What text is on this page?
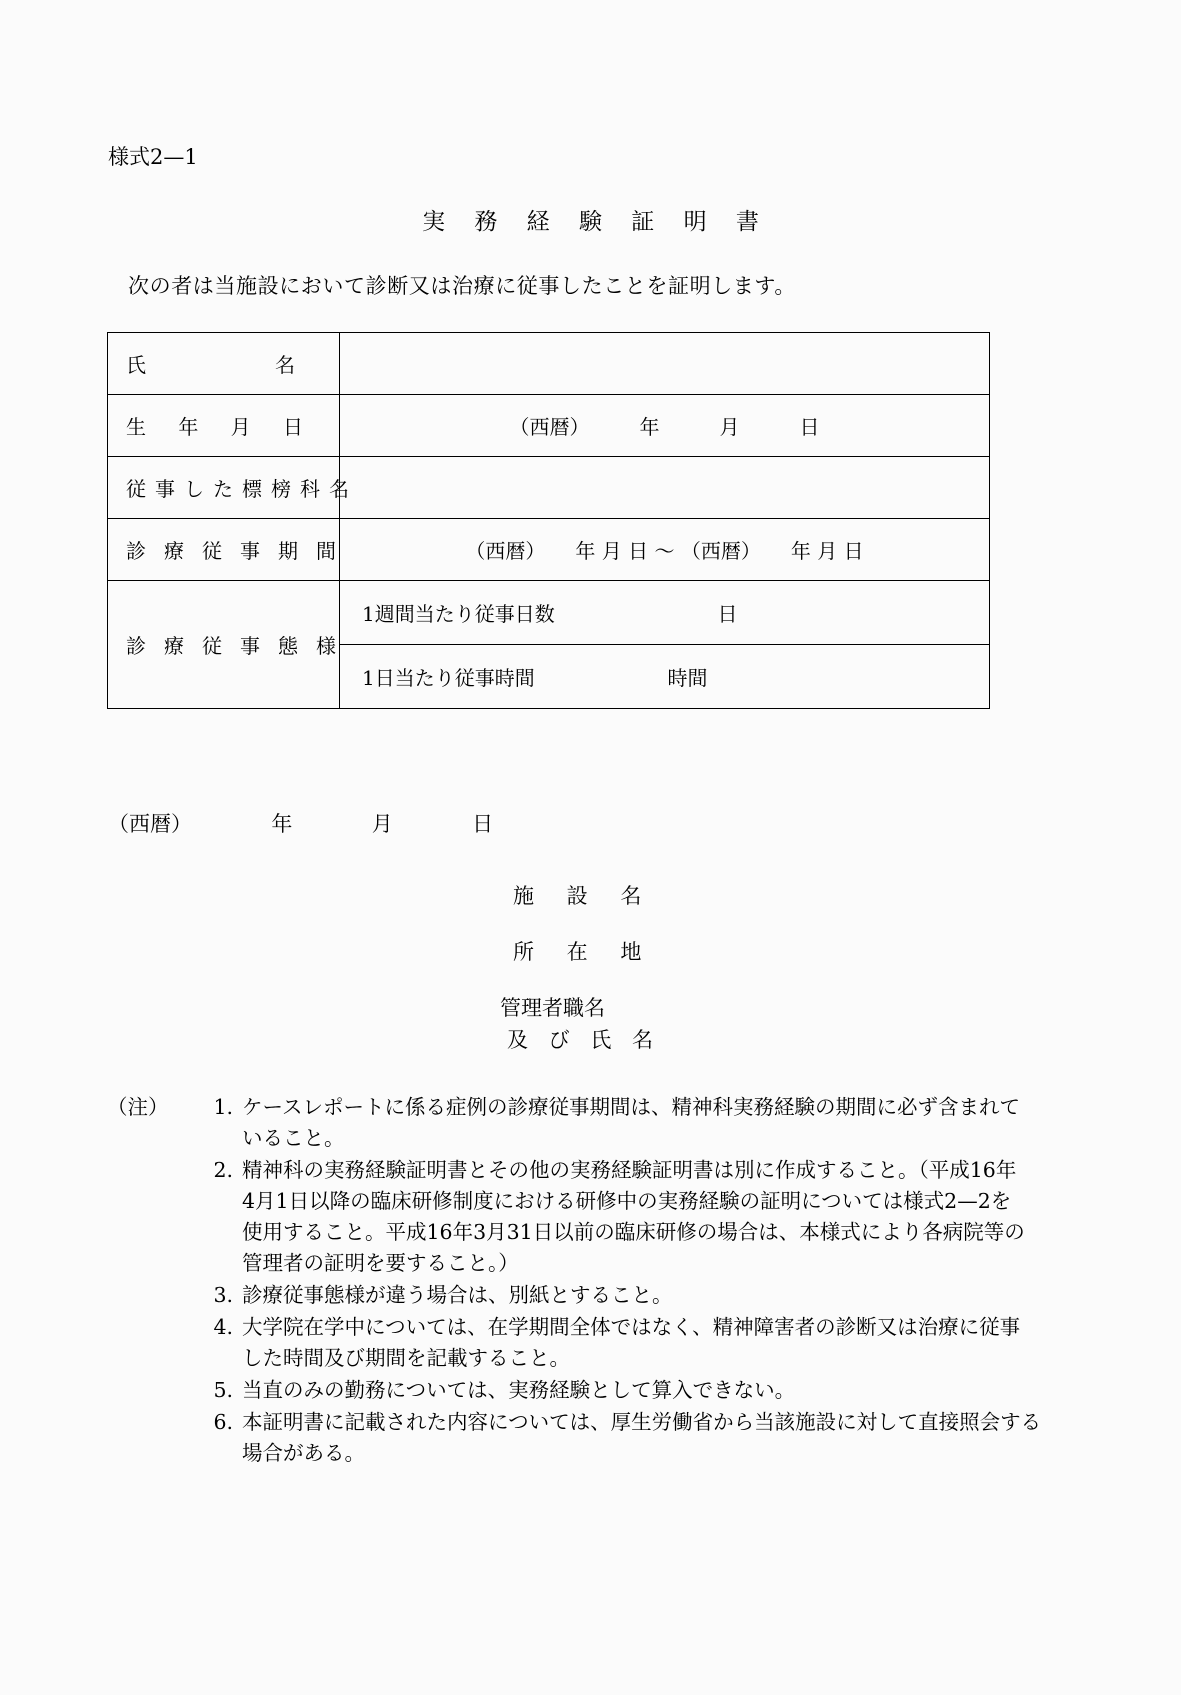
様式2—1
実 務 経 験 証 明 書
次の者は当施設において診断又は治療に従事したことを証明します。
氏名	

生年月日	（西暦）　　　年　　　月　　　日

従事した標榜科名	

診療従事期間	（西暦）　　年 月 日 〜 （西暦）　　年 月 日

診療従事態様	1週間当たり従事日数 日
	1日当たり従事時間 時間
（西暦）	年	月	日
施 設 名
所 在 地
管理者職名
及 び 氏 名
（注）	1. ケースレポートに係る症例の診療従事期間は、精神科実務経験の期間に必ず含まれて
いること。
2. 精神科の実務経験証明書とその他の実務経験証明書は別に作成すること。（平成16年
4月1日以降の臨床研修制度における研修中の実務経験の証明については様式2—2を
使用すること。平成16年3月31日以前の臨床研修の場合は、本様式により各病院等の
管理者の証明を要すること。）
3. 診療従事態様が違う場合は、別紙とすること。
4. 大学院在学中については、在学期間全体ではなく、精神障害者の診断又は治療に従事
した時間及び期間を記載すること。
5. 当直のみの勤務については、実務経験として算入できない。
6. 本証明書に記載された内容については、厚生労働省から当該施設に対して直接照会する
場合がある。
